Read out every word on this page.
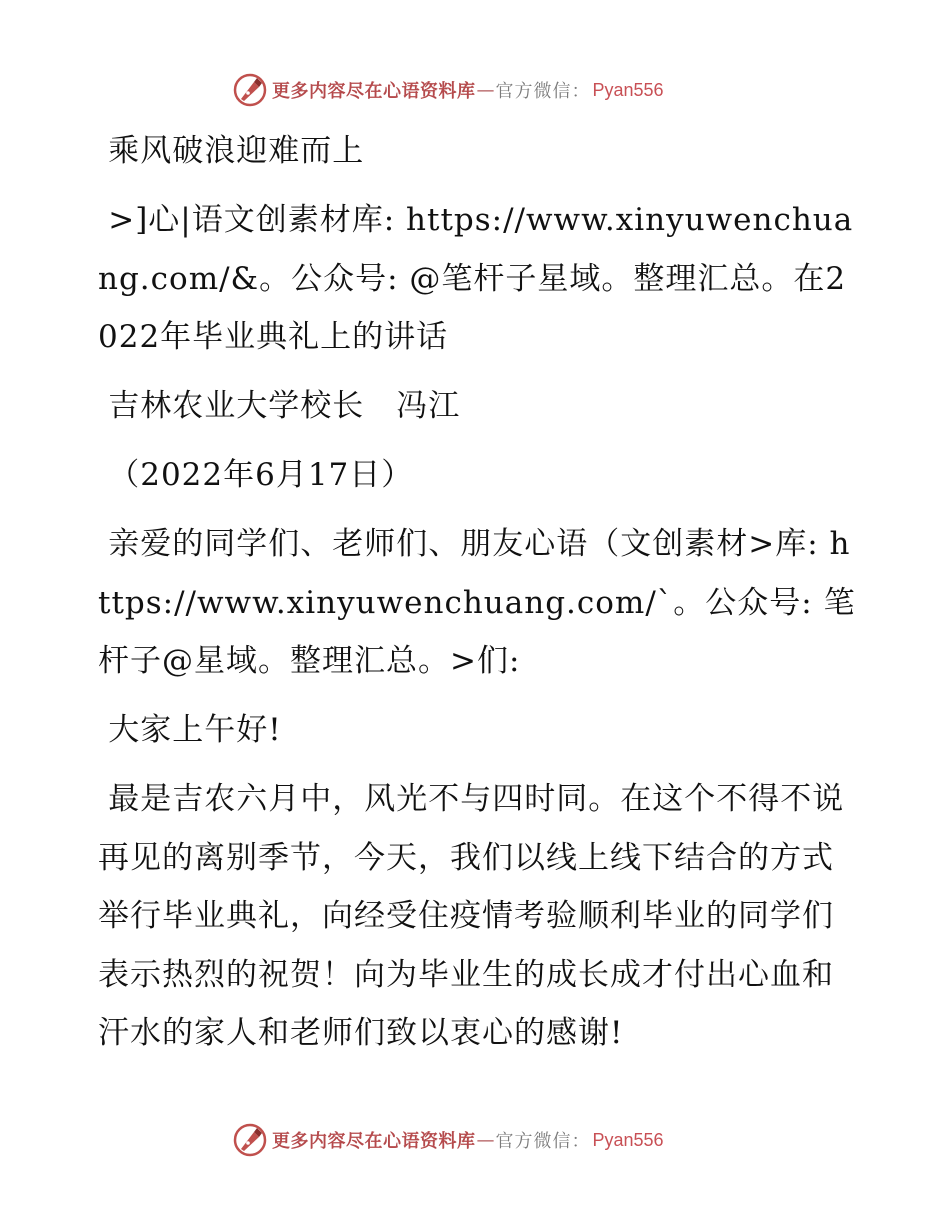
更多内容尽在心语资料库 — 官方微信： Pyan556

乘风破浪迎难而上

>]心|语文创素材库: https://www.xinyuwenchuang.com/&。公众号: @笔杆子星域。整理汇总。在2022年毕业典礼上的讲话

吉林农业大学校长　冯江

（2022年6月17日）

亲爱的同学们、老师们、朋友心语（文创素材>库: https://www.xinyuwenchuang.com/`。公众号: 笔杆子@星域。整理汇总。>们:

大家上午好!

最是吉农六月中，风光不与四时同。在这个不得不说再见的离别季节，今天，我们以线上线下结合的方式举行毕业典礼，向经受住疫情考验顺利毕业的同学们表示热烈的祝贺！向为毕业生的成长成才付出心血和汗水的家人和老师们致以衷心的感谢!

更多内容尽在心语资料库 — 官方微信： Pyan556
